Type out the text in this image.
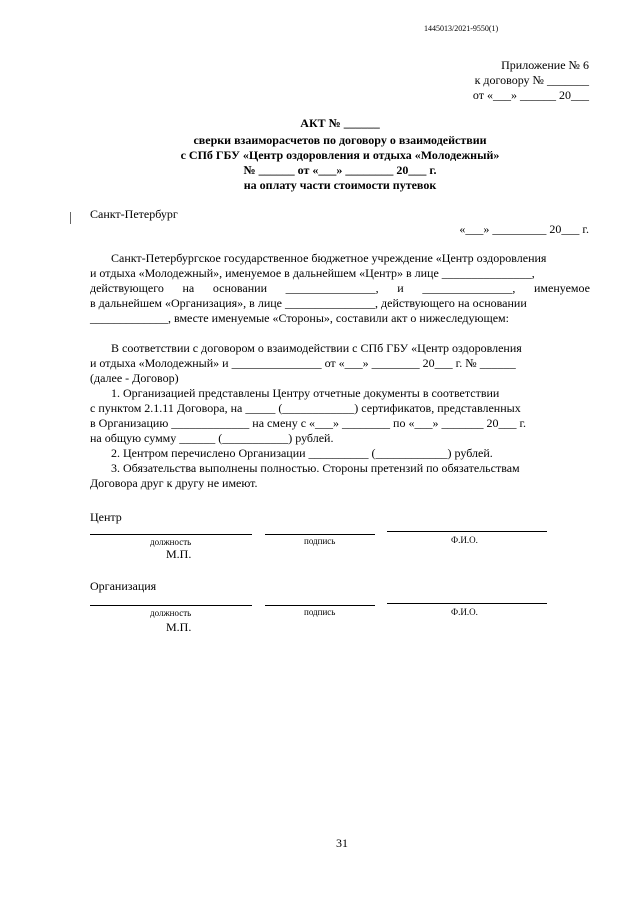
1445013/2021-9550(1)
Приложение № 6
к договору № _______
от «___» ______ 20___
АКТ № ______
сверки взаиморасчетов по договору о взаимодействии
с СПб ГБУ «Центр оздоровления и отдыха «Молодежный»
№ ______ от «___» ________ 20___ г.
на оплату части стоимости путевок
Санкт-Петербург
«___» _________ 20___ г.
Санкт-Петербургское государственное бюджетное учреждение «Центр оздоровления
и отдыха «Молодежный», именуемое в дальнейшем «Центр» в лице _______________,
действующего на основании _______________, и _______________, именуемое
в дальнейшем «Организация», в лице _______________, действующего на основании
_____________, вместе именуемые «Стороны», составили акт о нижеследующем:
В соответствии с договором о взаимодействии с СПб ГБУ «Центр оздоровления
и отдыха «Молодежный» и _______________ от «___» ________ 20___ г. № ______
(далее - Договор)
1. Организацией представлены Центру отчетные документы в соответствии
с пунктом 2.1.11 Договора, на _____ (____________) сертификатов, представленных
в Организацию _____________ на смену с «___» ________ по «___» _______ 20___ г.
на общую сумму ______ (___________) рублей.
2. Центром перечислено Организации __________ (____________) рублей.
3. Обязательства выполнены полностью. Стороны претензий по обязательствам
Договора друг к другу не имеют.
Центр
должность	подпись	Ф.И.О.
М.П.
Организация
должность	подпись	Ф.И.О.
М.П.
31
